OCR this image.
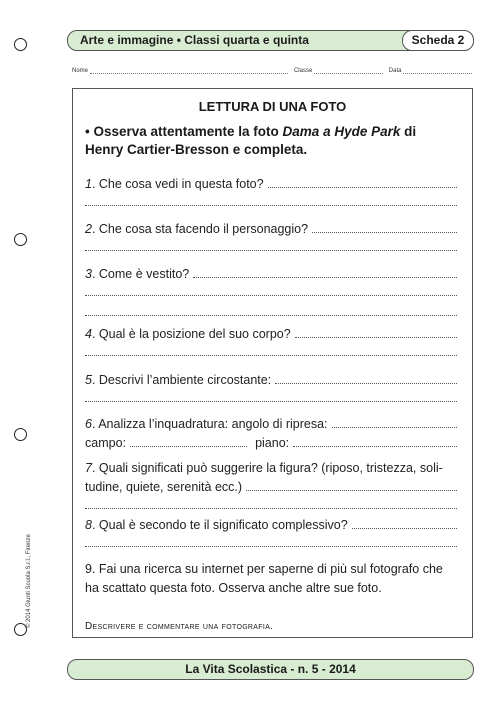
Arte e immagine • Classi quarta e quinta	Scheda 2
Nome	Classe	Data
LETTURA DI UNA FOTO
• Osserva attentamente la foto Dama a Hyde Park di Henry Cartier-Bresson e completa.
1 . Che cosa vedi in questa foto?
2 . Che cosa sta facendo il personaggio?
3 . Come è vestito?
4 . Qual è la posizione del suo corpo?
5 . Descrivi l’ambiente circostante:
6 . Analizza l’inquadratura: angolo di ripresa:
campo:	piano:
7 . Quali significati può suggerire la figura? (riposo, tristezza, soli-
tudine, quiete, serenità ecc.)
8 . Qual è secondo te il significato complessivo?
9. Fai una ricerca su internet per saperne di più sul fotografo che ha scattato questa foto. Osserva anche altre sue foto.
Descrivere e commentare una fotografia.
© 2014 Giunti Scuola S.r.l., Firenze
La Vita Scolastica - n. 5 - 2014
